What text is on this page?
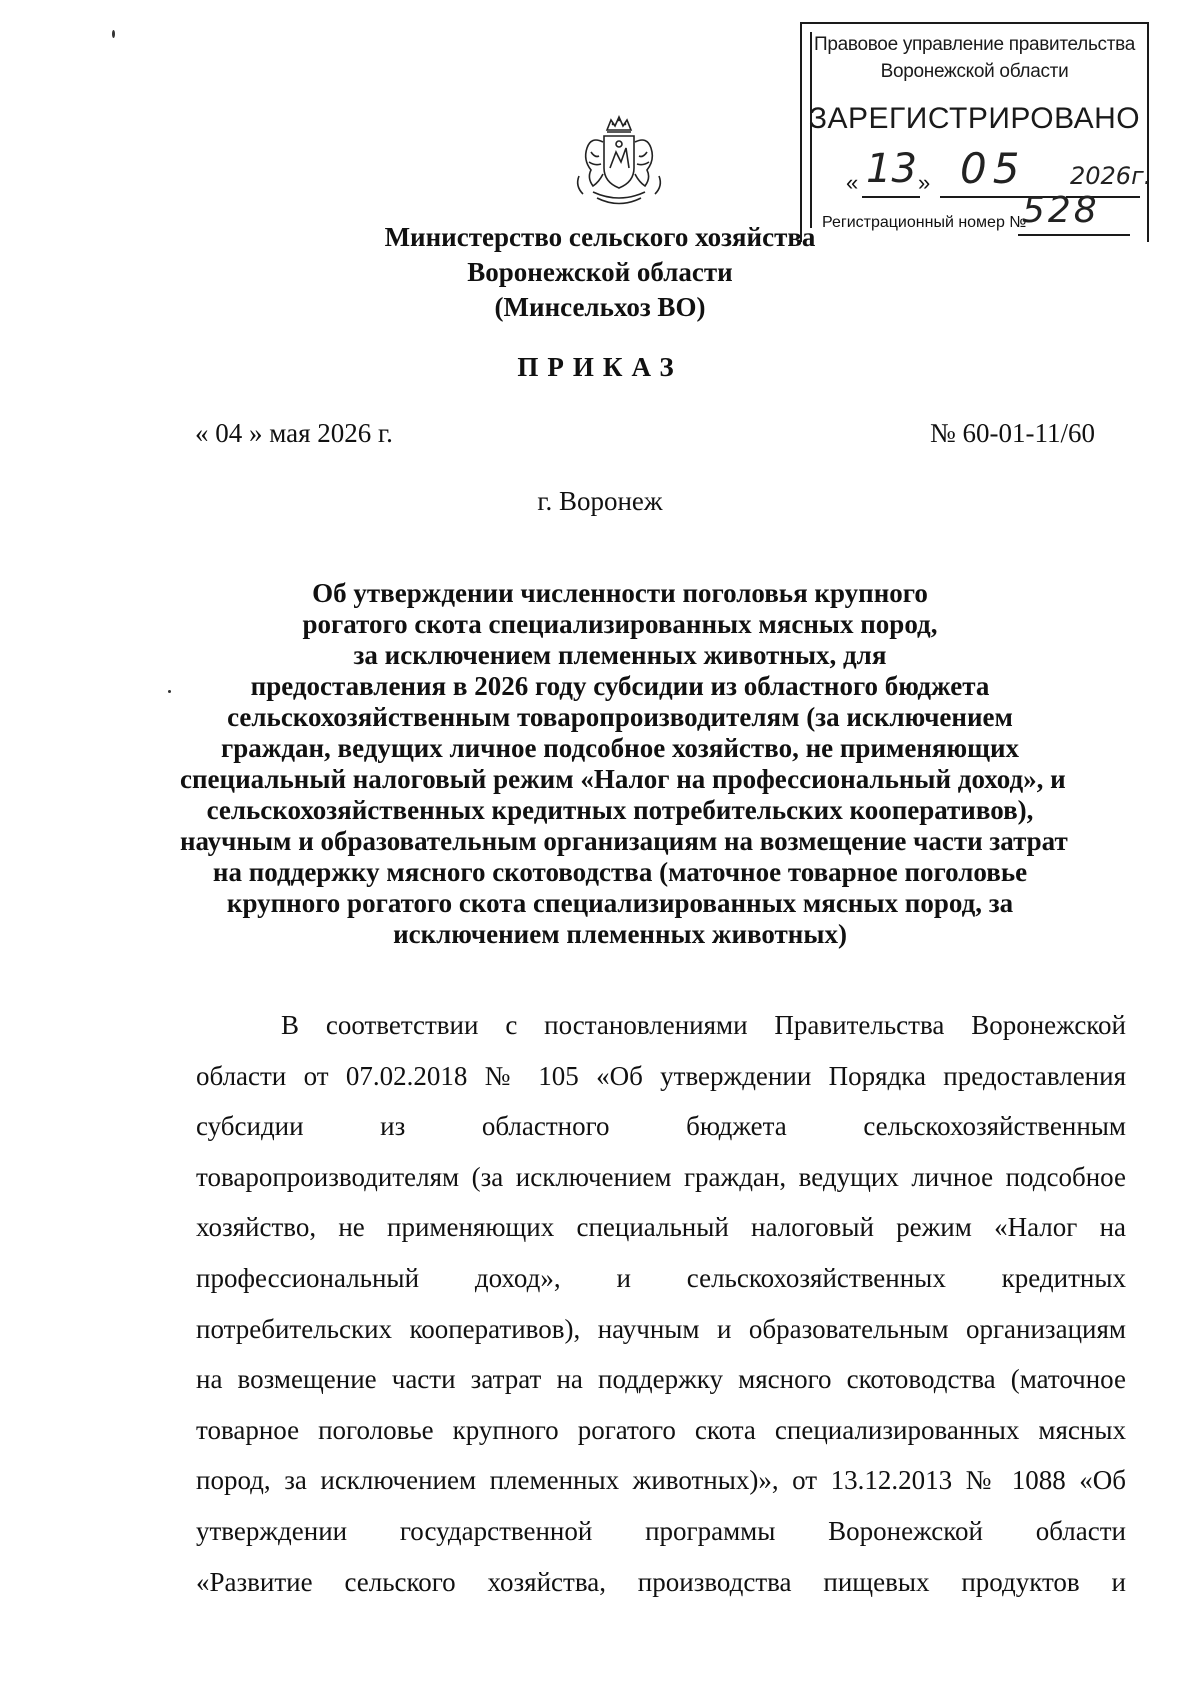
Правовое управление правительства
Воронежской области
ЗАРЕГИСТРИРОВАНО
« 13 » 05 2026г.
Регистрационный номер №
528
Министерство сельского хозяйства
Воронежской области
(Минсельхоз ВО)
ПРИКАЗ
« 04 » мая 2026 г.	№ 60-01-11/60
г. Воронеж
Об утверждении численности поголовья крупного
рогатого скота специализированных мясных пород,
за исключением племенных животных, для
предоставления в 2026 году субсидии из областного бюджета
сельскохозяйственным товаропроизводителям (за исключением
граждан, ведущих личное подсобное хозяйство, не применяющих
специальный налоговый режим «Налог на профессиональный доход», и
сельскохозяйственных кредитных потребительских кооперативов),
научным и образовательным организациям на возмещение части затрат
на поддержку мясного скотоводства (маточное товарное поголовье
крупного рогатого скота специализированных мясных пород, за
исключением племенных животных)
В соответствии с постановлениями Правительства Воронежской
области от 07.02.2018 № 105 «Об утверждении Порядка предоставления
субсидии из областного бюджета сельскохозяйственным
товаропроизводителям (за исключением граждан, ведущих личное подсобное
хозяйство, не применяющих специальный налоговый режим «Налог на
профессиональный доход», и сельскохозяйственных кредитных
потребительских кооперативов), научным и образовательным организациям
на возмещение части затрат на поддержку мясного скотоводства (маточное
товарное поголовье крупного рогатого скота специализированных мясных
пород, за исключением племенных животных)», от 13.12.2013 № 1088 «Об
утверждении государственной программы Воронежской области
«Развитие сельского хозяйства, производства пищевых продуктов и
